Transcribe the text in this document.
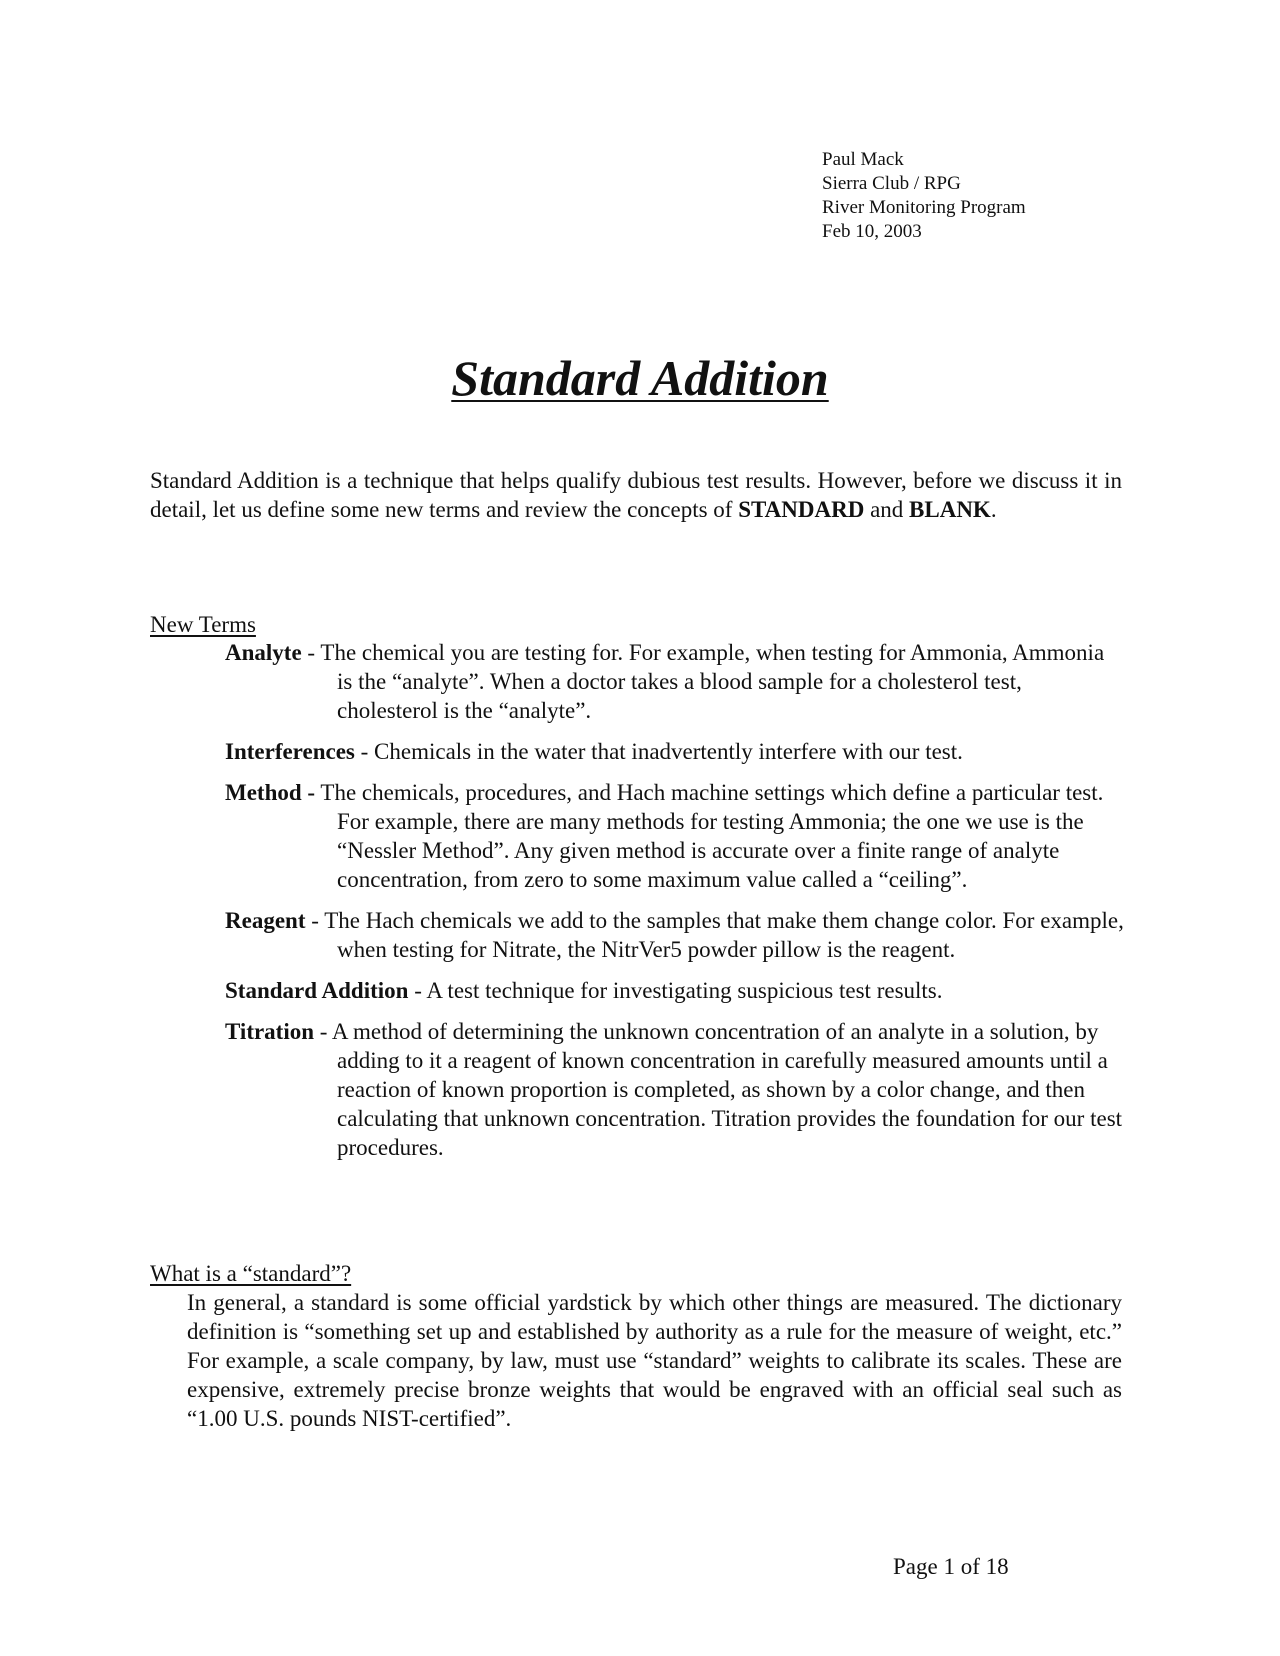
Paul Mack
Sierra Club / RPG
River Monitoring Program
Feb 10, 2003
Standard Addition
Standard Addition is a technique that helps qualify dubious test results. However, before we discuss it in detail, let us define some new terms and review the concepts of STANDARD and BLANK.
New Terms
Analyte - The chemical you are testing for. For example, when testing for Ammonia, Ammonia is the “analyte”. When a doctor takes a blood sample for a cholesterol test, cholesterol is the “analyte”.
Interferences - Chemicals in the water that inadvertently interfere with our test.
Method - The chemicals, procedures, and Hach machine settings which define a particular test. For example, there are many methods for testing Ammonia; the one we use is the “Nessler Method”. Any given method is accurate over a finite range of analyte concentration, from zero to some maximum value called a “ceiling”.
Reagent - The Hach chemicals we add to the samples that make them change color. For example, when testing for Nitrate, the NitrVer5 powder pillow is the reagent.
Standard Addition - A test technique for investigating suspicious test results.
Titration - A method of determining the unknown concentration of an analyte in a solution, by adding to it a reagent of known concentration in carefully measured amounts until a reaction of known proportion is completed, as shown by a color change, and then calculating that unknown concentration. Titration provides the foundation for our test procedures.
What is a “standard”?
In general, a standard is some official yardstick by which other things are measured. The dictionary definition is “something set up and established by authority as a rule for the measure of weight, etc.” For example, a scale company, by law, must use “standard” weights to calibrate its scales. These are expensive, extremely precise bronze weights that would be engraved with an official seal such as “1.00 U.S. pounds NIST-certified”.
Page 1 of 18
